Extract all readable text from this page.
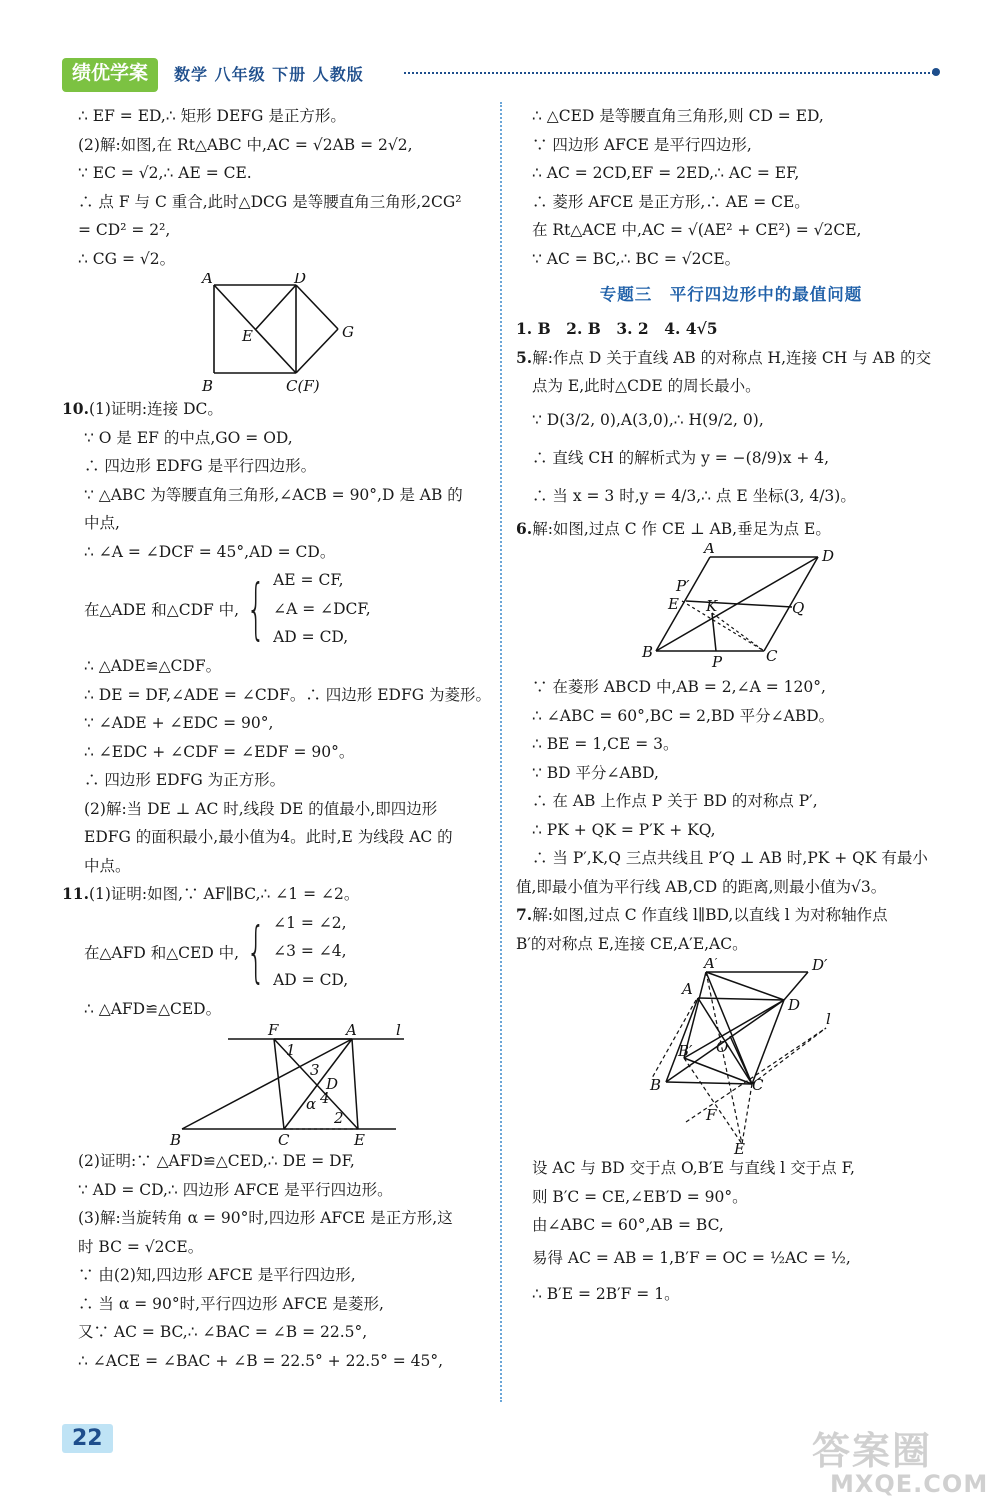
绩优学案	数学 八年级 下册 人教版
∴ EF = ED,∴ 矩形 DEFG 是正方形。
(2)解:如图,在 Rt△ABC 中,AC = √2AB = 2√2,
∵ EC = √2,∴ AE = CE.
∴ 点 F 与 C 重合,此时△DCG 是等腰直角三角形,2CG²
= CD² = 2²,
∴ CG = √2。
A	D
E	G
B	C(F)
10.(1)证明:连接 DC。
∵ O 是 EF 的中点,GO = OD,
∴ 四边形 EDFG 是平行四边形。
∵ △ABC 为等腰直角三角形,∠ACB = 90°,D 是 AB 的
中点,
∴ ∠A = ∠DCF = 45°,AD = CD。
在△ADE 和△CDF 中, { AE = CF,
∠A = ∠DCF,
AD = CD,
∴ △ADE≌△CDF。
∴ DE = DF,∠ADE = ∠CDF。∴ 四边形 EDFG 为菱形。
∵ ∠ADE + ∠EDC = 90°,
∴ ∠EDC + ∠CDF = ∠EDF = 90°。
∴ 四边形 EDFG 为正方形。
(2)解:当 DE ⊥ AC 时,线段 DE 的值最小,即四边形
EDFG 的面积最小,最小值为4。此时,E 为线段 AC 的
中点。
11.(1)证明:如图,∵ AF∥BC,∴ ∠1 = ∠2。
在△AFD 和△CED 中, { ∠1 = ∠2,
∠3 = ∠4,
AD = CD,
∴ △AFD≌△CED。
F	A	l
1
3
D
α 4
2
B	C	E
(2)证明:∵ △AFD≌△CED,∴ DE = DF,
∵ AD = CD,∴ 四边形 AFCE 是平行四边形。
(3)解:当旋转角 α = 90°时,四边形 AFCE 是正方形,这
时 BC = √2CE。
∵ 由(2)知,四边形 AFCE 是平行四边形,
∴ 当 α = 90°时,平行四边形 AFCE 是菱形,
又∵ AC = BC,∴ ∠BAC = ∠B = 22.5°,
∴ ∠ACE = ∠BAC + ∠B = 22.5° + 22.5° = 45°,
∴ △CED 是等腰直角三角形,则 CD = ED,
∵ 四边形 AFCE 是平行四边形,
∴ AC = 2CD,EF = 2ED,∴ AC = EF,
∴ 菱形 AFCE 是正方形,∴ AE = CE。
在 Rt△ACE 中,AC = √(AE² + CE²) = √2CE,
∵ AC = BC,∴ BC = √2CE。
专题三　平行四边形中的最值问题
1. B　2. B　3. 2　4. 4√5
5.解:作点 D 关于直线 AB 的对称点 H,连接 CH 与 AB 的交
点为 E,此时△CDE 的周长最小。
∵ D(3/2, 0),A(3,0),∴ H(9/2, 0),
∴ 直线 CH 的解析式为 y = −(8/9)x + 4,
∴ 当 x = 3 时,y = 4/3,∴ 点 E 坐标(3, 4/3)。
6.解:如图,过点 C 作 CE ⊥ AB,垂足为点 E。
A	D
P′
E K	Q
B
P	C
∵ 在菱形 ABCD 中,AB = 2,∠A = 120°,
∴ ∠ABC = 60°,BC = 2,BD 平分∠ABD。
∴ BE = 1,CE = 3。
∵ BD 平分∠ABD,
∴ 在 AB 上作点 P 关于 BD 的对称点 P′,
∴ PK + QK = P′K + KQ,
∴ 当 P′,K,Q 三点共线且 P′Q ⊥ AB 时,PK + QK 有最小
值,即最小值为平行线 AB,CD 的距离,则最小值为√3。
7.解:如图,过点 C 作直线 l∥BD,以直线 l 为对称轴作点
B′的对称点 E,连接 CE,A′E,AC。
A′	D′
A
D
l
O
B′
B	C
F
E
设 AC 与 BD 交于点 O,B′E 与直线 l 交于点 F,
则 B′C = CE,∠EB′D = 90°。
由∠ABC = 60°,AB = BC,
易得 AC = AB = 1,B′F = OC = ½AC = ½,
∴ B′E = 2B′F = 1。
22	答案圈
MXQE.COM
